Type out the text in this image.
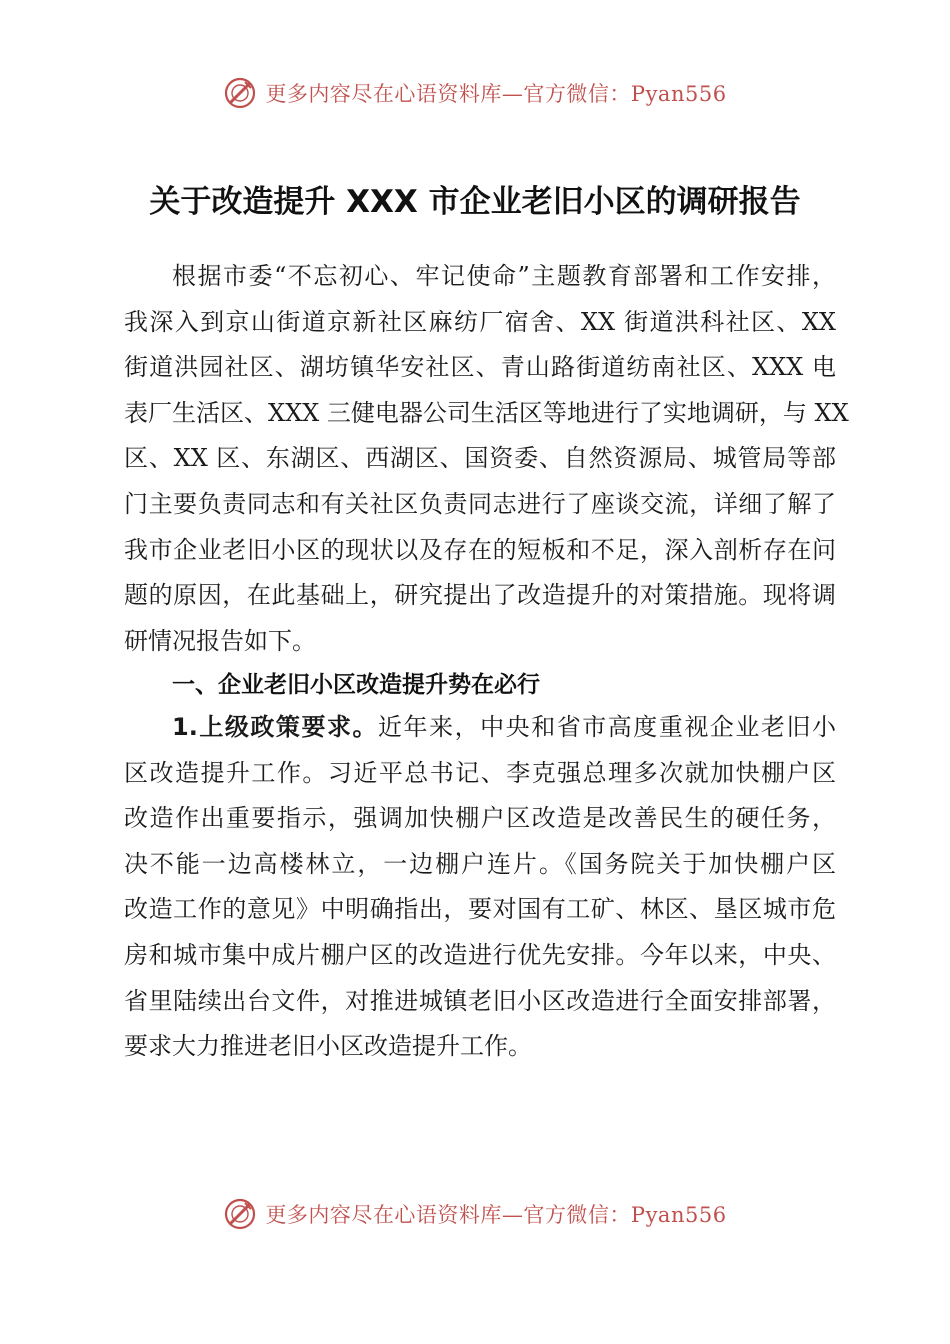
更多内容尽在心语资料库—官方微信：Pyan556
关于改造提升 XXX 市企业老旧小区的调研报告
根据市委“不忘初心、牢记使命”主题教育部署和工作安排，
我深入到京山街道京新社区麻纺厂宿舍、XX 街道洪科社区、XX
街道洪园社区、湖坊镇华安社区、青山路街道纺南社区、XXX 电
表厂生活区、XXX 三健电器公司生活区等地进行了实地调研，与 XX
区、XX 区、东湖区、西湖区、国资委、自然资源局、城管局等部
门主要负责同志和有关社区负责同志进行了座谈交流，详细了解了
我市企业老旧小区的现状以及存在的短板和不足，深入剖析存在问
题的原因，在此基础上，研究提出了改造提升的对策措施。现将调
研情况报告如下。
一、企业老旧小区改造提升势在必行
1.上级政策要求。近年来，中央和省市高度重视企业老旧小
区改造提升工作。习近平总书记、李克强总理多次就加快棚户区
改造作出重要指示，强调加快棚户区改造是改善民生的硬任务，
决不能一边高楼林立，一边棚户连片。《国务院关于加快棚户区
改造工作的意见》中明确指出，要对国有工矿、林区、垦区城市危
房和城市集中成片棚户区的改造进行优先安排。今年以来，中央、
省里陆续出台文件，对推进城镇老旧小区改造进行全面安排部署，
要求大力推进老旧小区改造提升工作。
更多内容尽在心语资料库—官方微信：Pyan556
